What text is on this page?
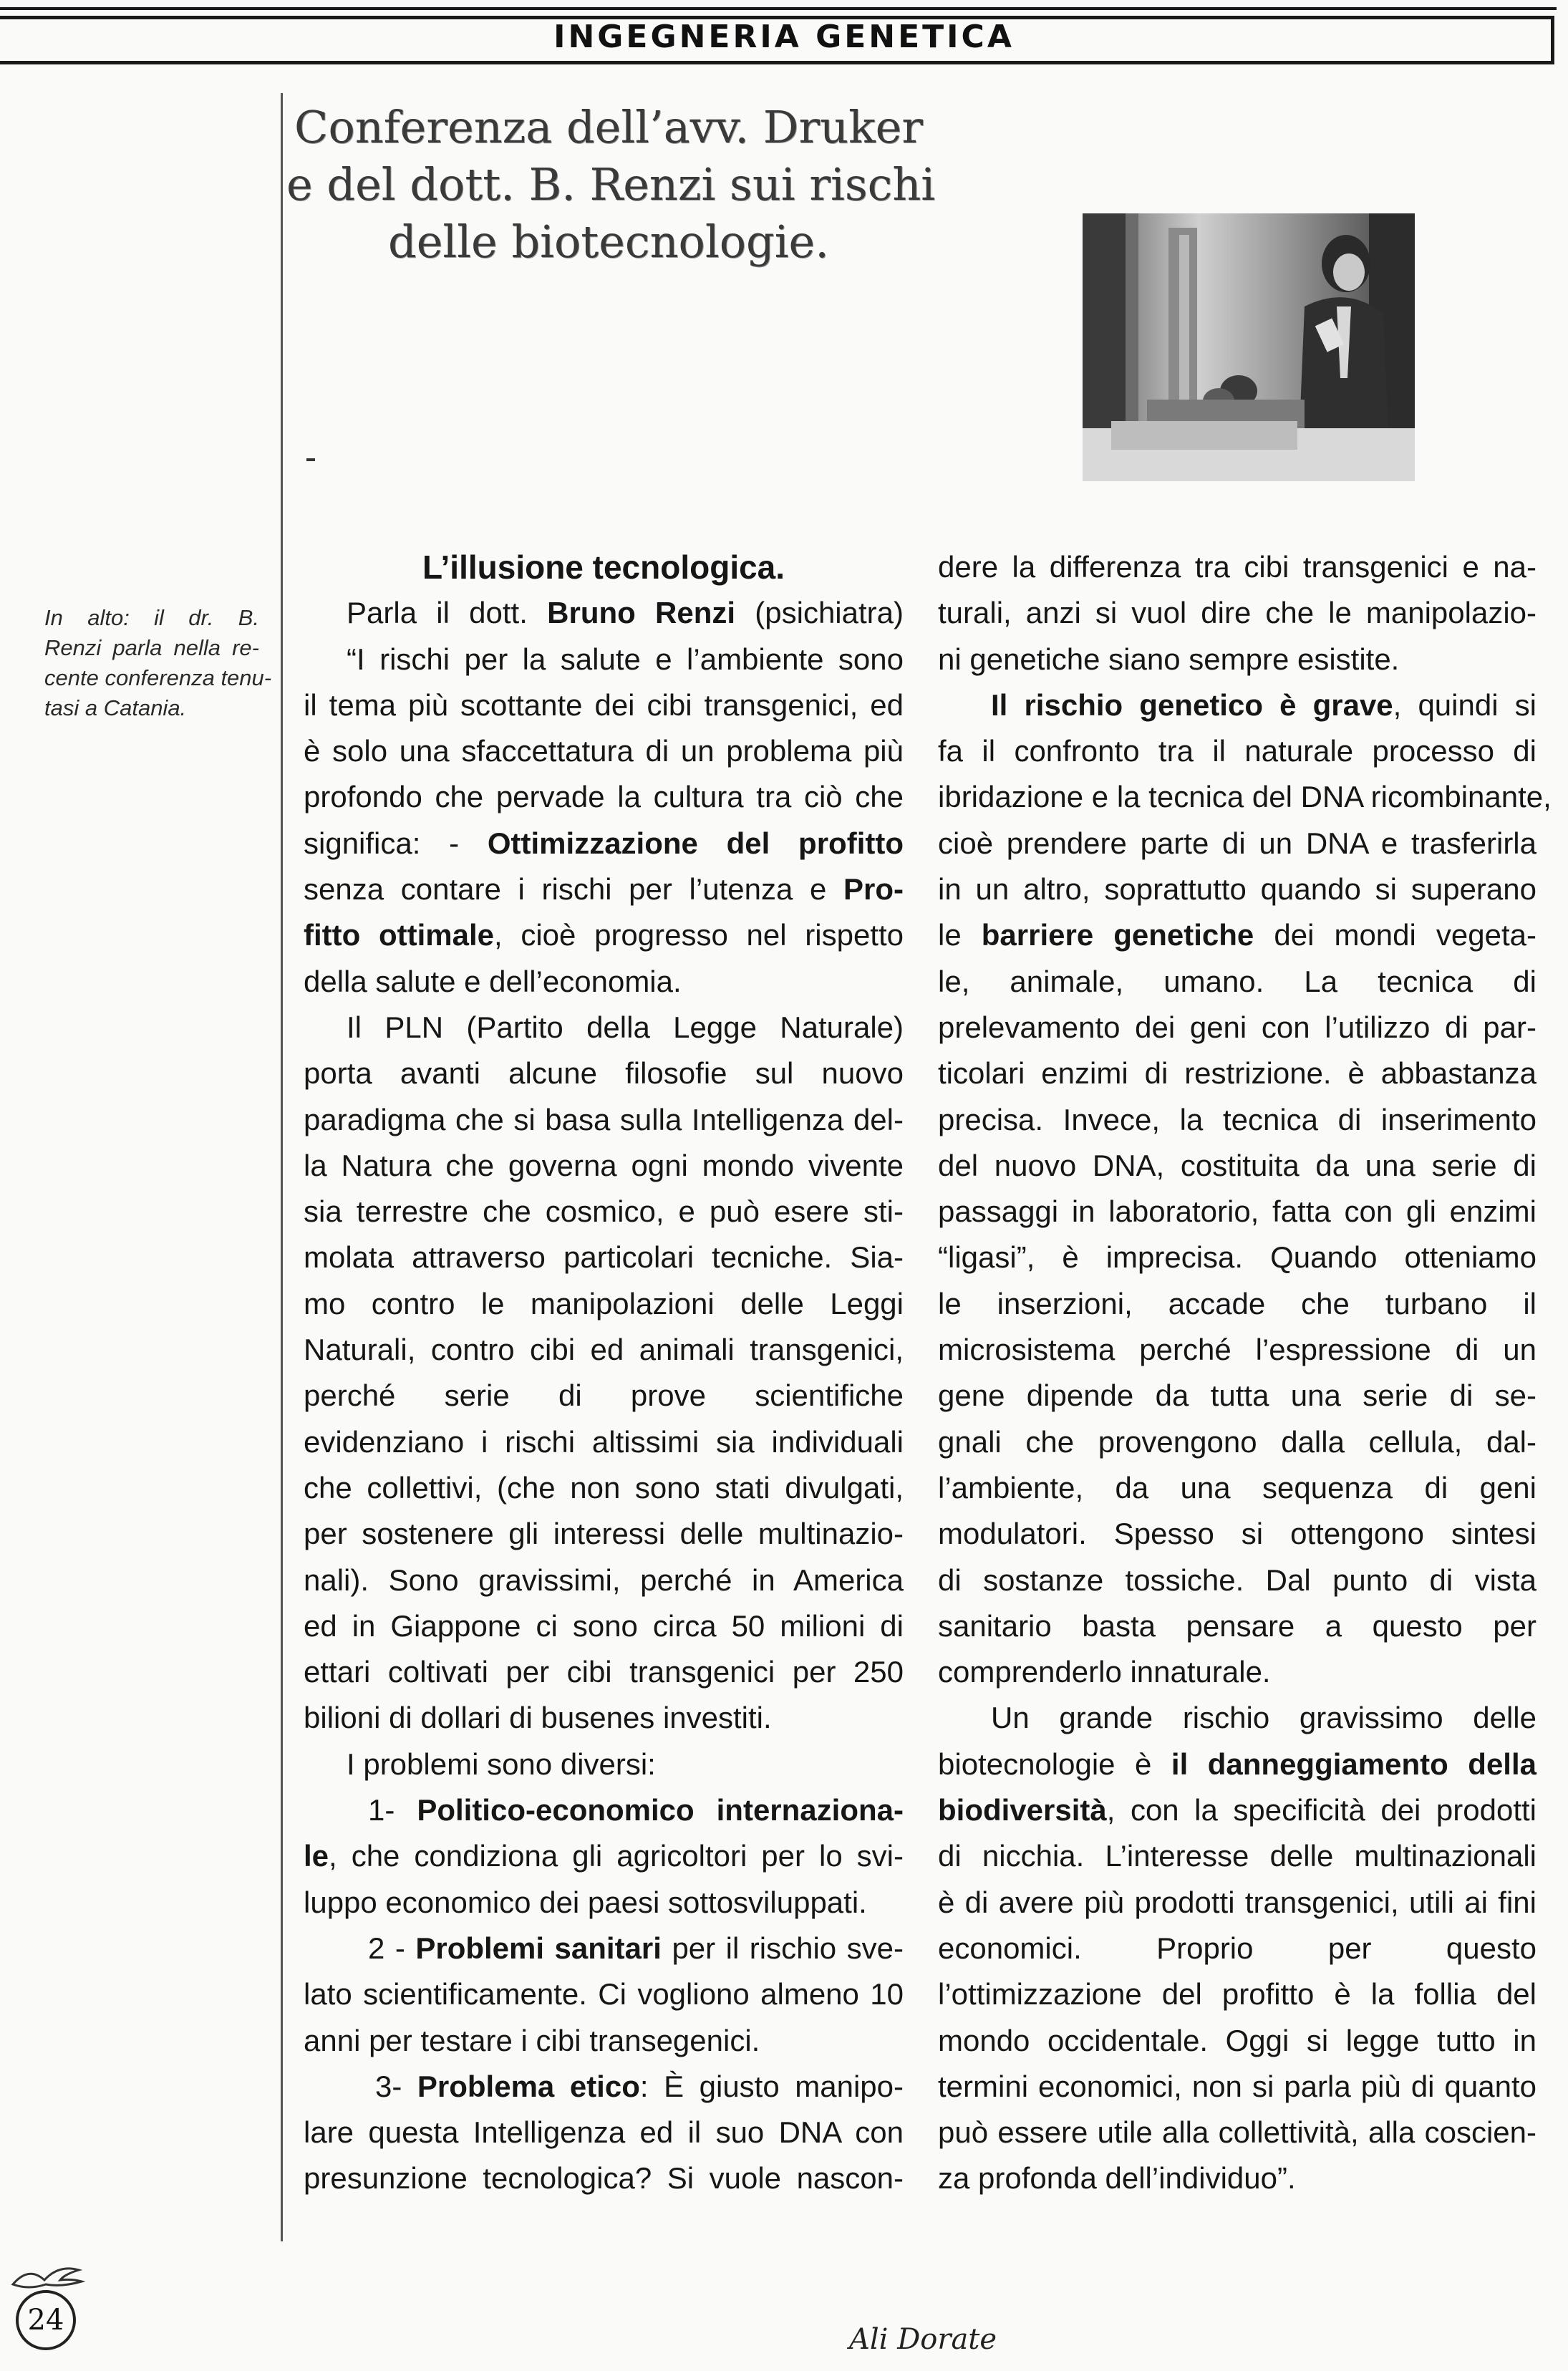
INGEGNERIA GENETICA
Conferenza dell’avv. Druker
e del dott. B. Renzi sui rischi
delle biotecnologie.
In alto: il dr. B.
Renzi parla nella re-
cente conferenza tenu-
tasi a Catania.
L’illusione tecnologica.
Parla il dott. Bruno Renzi (psichiatra)
“I rischi per la salute e l’ambiente sono
il tema più scottante dei cibi transgenici, ed
è solo una sfaccettatura di un problema più
profondo che pervade la cultura tra ciò che
significa: - Ottimizzazione del profitto
senza contare i rischi per l’utenza e Pro-
fitto ottimale, cioè progresso nel rispetto
della salute e dell’economia.
Il PLN (Partito della Legge Naturale)
porta avanti alcune filosofie sul nuovo
paradigma che si basa sulla Intelligenza del-
la Natura che governa ogni mondo vivente
sia terrestre che cosmico, e può esere sti-
molata attraverso particolari tecniche. Sia-
mo contro le manipolazioni delle Leggi
Naturali, contro cibi ed animali transgenici,
perché serie di prove scientifiche
evidenziano i rischi altissimi sia individuali
che collettivi, (che non sono stati divulgati,
per sostenere gli interessi delle multinazio-
nali). Sono gravissimi, perché in America
ed in Giappone ci sono circa 50 milioni di
ettari coltivati per cibi transgenici per 250
bilioni di dollari di busenes investiti.
I problemi sono diversi:
1- Politico-economico internaziona-
le, che condiziona gli agricoltori per lo svi-
luppo economico dei paesi sottosviluppati.
2 - Problemi sanitari per il rischio sve-
lato scientificamente. Ci vogliono almeno 10
anni per testare i cibi transegenici.
3- Problema etico: È giusto manipo-
lare questa Intelligenza ed il suo DNA con
presunzione tecnologica? Si vuole nascon-
dere la differenza tra cibi transgenici e na-
turali, anzi si vuol dire che le manipolazio-
ni genetiche siano sempre esistite.
Il rischio genetico è grave, quindi si
fa il confronto tra il naturale processo di
ibridazione e la tecnica del DNA ricombinante,
cioè prendere parte di un DNA e trasferirla
in un altro, soprattutto quando si superano
le barriere genetiche dei mondi vegeta-
le, animale, umano. La tecnica di
prelevamento dei geni con l’utilizzo di par-
ticolari enzimi di restrizione. è abbastanza
precisa. Invece, la tecnica di inserimento
del nuovo DNA, costituita da una serie di
passaggi in laboratorio, fatta con gli enzimi
“ligasi”, è imprecisa. Quando otteniamo
le inserzioni, accade che turbano il
microsistema perché l’espressione di un
gene dipende da tutta una serie di se-
gnali che provengono dalla cellula, dal-
l’ambiente, da una sequenza di geni
modulatori. Spesso si ottengono sintesi
di sostanze tossiche. Dal punto di vista
sanitario basta pensare a questo per
comprenderlo innaturale.
Un grande rischio gravissimo delle
biotecnologie è il danneggiamento della
biodiversità, con la specificità dei prodotti
di nicchia. L’interesse delle multinazionali
è di avere più prodotti transgenici, utili ai fini
economici. Proprio per questo
l’ottimizzazione del profitto è la follia del
mondo occidentale. Oggi si legge tutto in
termini economici, non si parla più di quanto
può essere utile alla collettività, alla coscien-
za profonda dell’individuo”.
24
Ali Dorate
